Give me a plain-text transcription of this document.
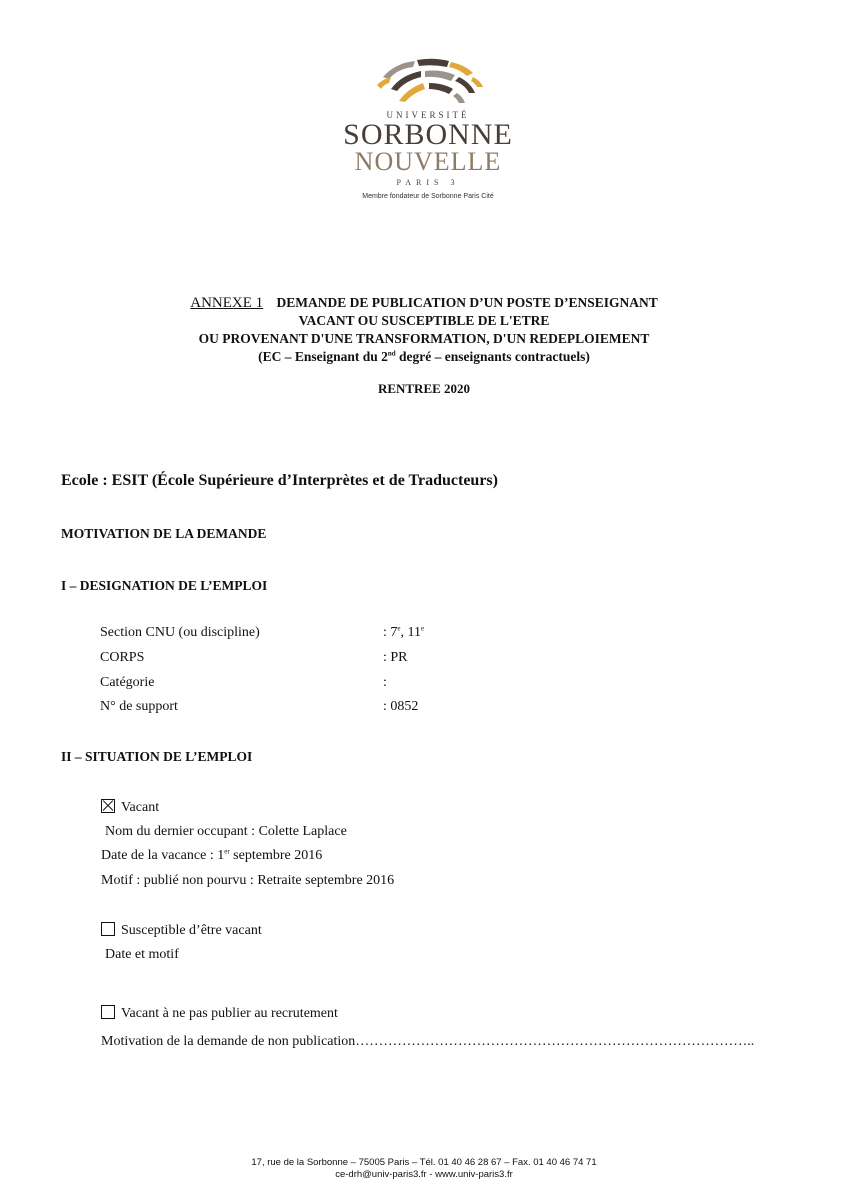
UNIVERSITÉ
SORBONNE
NOUVELLE
PARIS 3
Membre fondateur de Sorbonne Paris Cité
ANNEXE 1 DEMANDE DE PUBLICATION D’UN POSTE D’ENSEIGNANT
VACANT OU SUSCEPTIBLE DE L'ETRE
OU PROVENANT D'UNE TRANSFORMATION, D'UN REDEPLOIEMENT
(EC – Enseignant du 2nd degré – enseignants contractuels)
RENTREE 2020
Ecole : ESIT (École Supérieure d’Interprètes et de Traducteurs)
MOTIVATION DE LA DEMANDE
I – DESIGNATION DE L’EMPLOI
Section CNU (ou discipline)	: 7e, 11e
CORPS	: PR
Catégorie	:
N° de support	: 0852
II – SITUATION DE L’EMPLOI
Vacant
Nom du dernier occupant : Colette Laplace
Date de la vacance : 1er septembre 2016
Motif : publié non pourvu : Retraite septembre 2016
Susceptible d’être vacant
Date et motif
Vacant à ne pas publier au recrutement
Motivation de la demande de non publication…………………………………………………………………………..
17, rue de la Sorbonne – 75005 Paris – Tél. 01 40 46 28 67 – Fax. 01 40 46 74 71
ce-drh@univ-paris3.fr - www.univ-paris3.fr
